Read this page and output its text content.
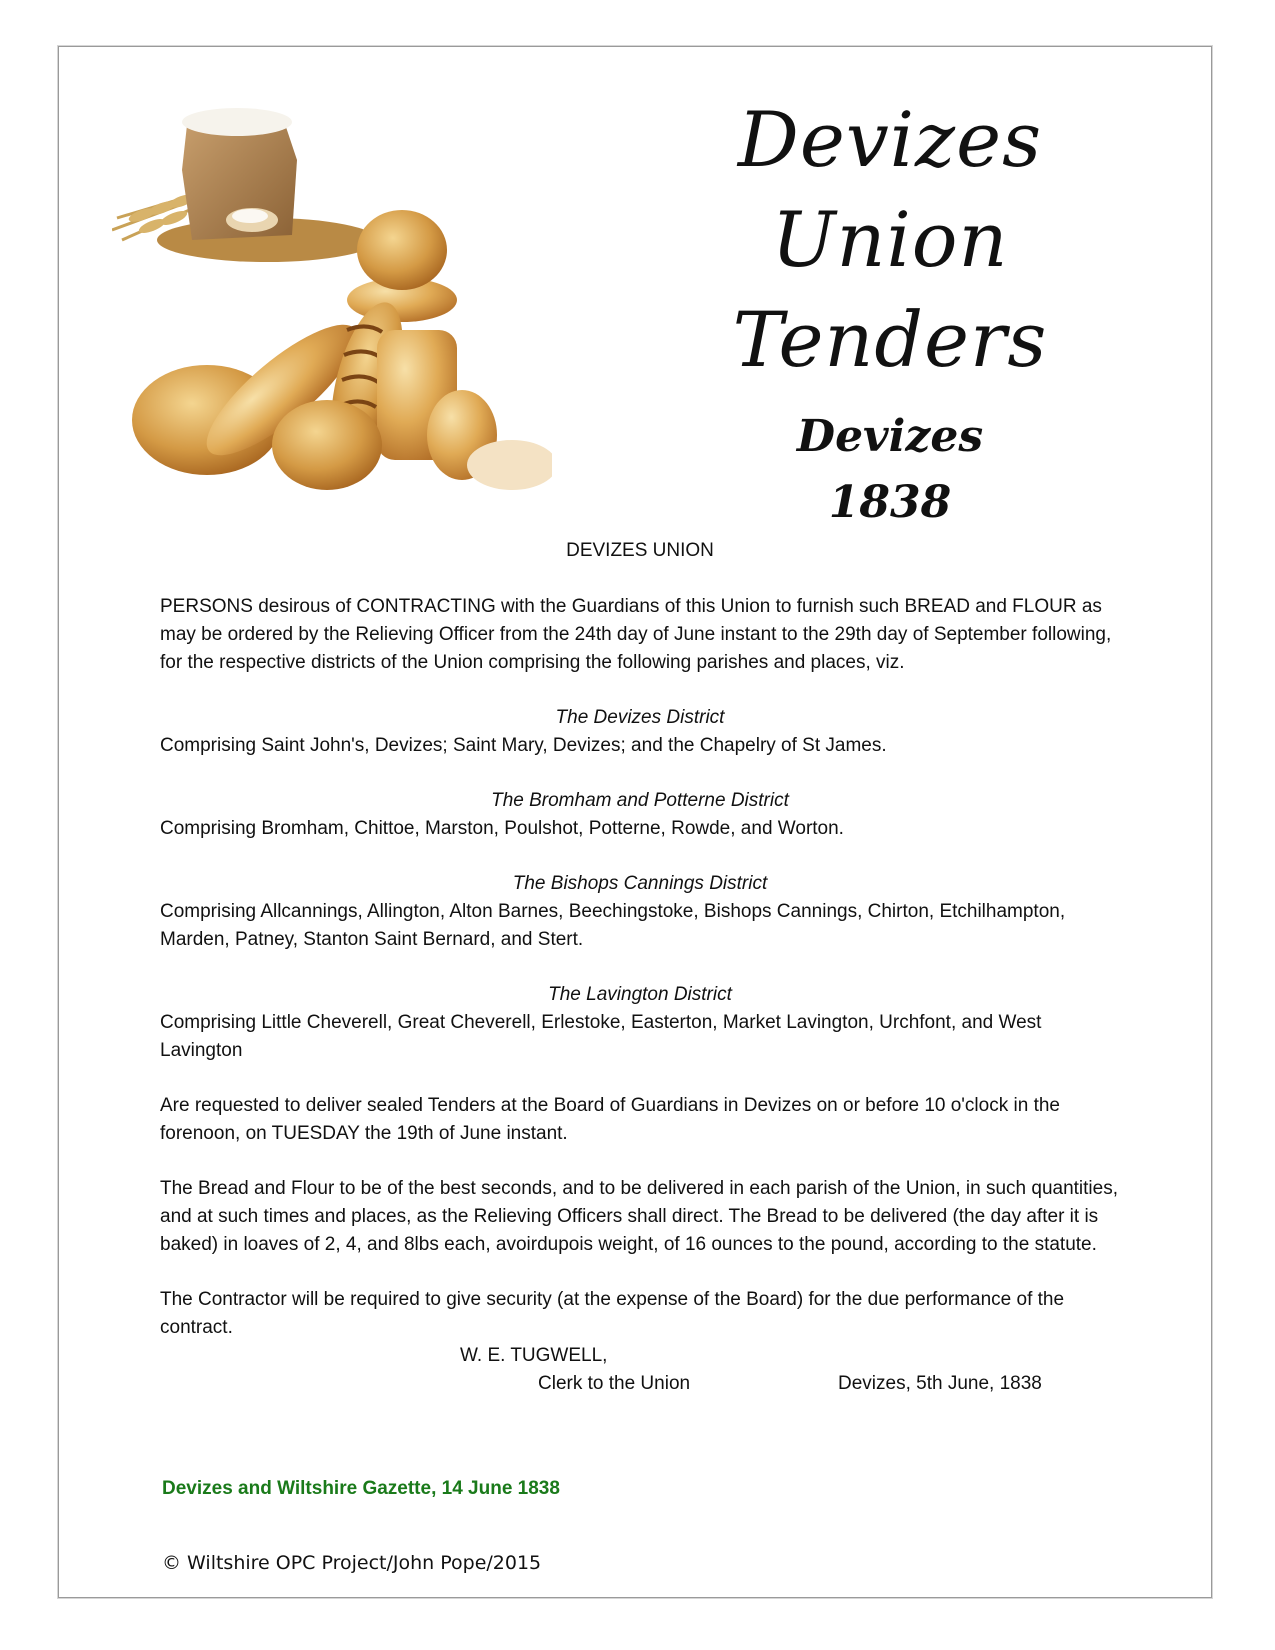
Devizes
Union
Tenders
Devizes
1838
DEVIZES UNION

PERSONS desirous of CONTRACTING with the Guardians of this Union to furnish such BREAD and FLOUR as may be ordered by the Relieving Officer from the 24th day of June instant to the 29th day of September following, for the respective districts of the Union comprising the following parishes and places, viz.

The Devizes District
Comprising Saint John's, Devizes; Saint Mary, Devizes; and the Chapelry of St James.
The Bromham and Potterne District
Comprising Bromham, Chittoe, Marston, Poulshot, Potterne, Rowde, and Worton.
The Bishops Cannings District
Comprising Allcannings, Allington, Alton Barnes, Beechingstoke, Bishops Cannings, Chirton, Etchilhampton, Marden, Patney, Stanton Saint Bernard, and Stert.
The Lavington District
Comprising Little Cheverell, Great Cheverell, Erlestoke, Easterton, Market Lavington, Urchfont, and West Lavington

Are requested to deliver sealed Tenders at the Board of Guardians in Devizes on or before 10 o'clock in the forenoon, on TUESDAY the 19th of June instant.

The Bread and Flour to be of the best seconds, and to be delivered in each parish of the Union, in such quantities, and at such times and places, as the Relieving Officers shall direct. The Bread to be delivered (the day after it is baked) in loaves of 2, 4, and 8lbs each, avoirdupois weight, of 16 ounces to the pound, according to the statute.

The Contractor will be required to give security (at the expense of the Board) for the due performance of the contract.

W. E. TUGWELL,
Clerk to the Union	Devizes, 5th June, 1838
Devizes and Wiltshire Gazette, 14 June 1838
© Wiltshire OPC Project/John Pope/2015
